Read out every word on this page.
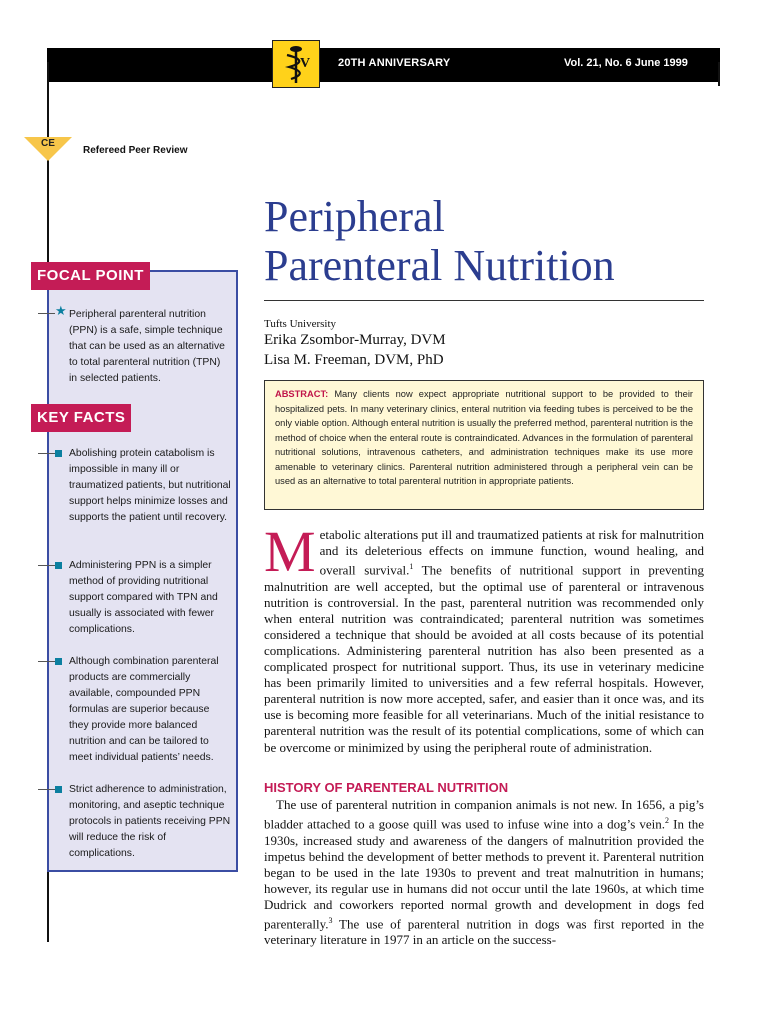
V	20TH ANNIVERSARY	Vol. 21, No. 6 June 1999
CE
Refereed Peer Review
Peripheral
Parenteral Nutrition
Tufts University
Erika Zsombor-Murray, DVM
Lisa M. Freeman, DVM, PhD
ABSTRACT: Many clients now expect appropriate nutritional support to be provided to their hospitalized pets. In many veterinary clinics, enteral nutrition via feeding tubes is perceived to be the only viable option. Although enteral nutrition is usually the preferred method, parenteral nutrition is the method of choice when the enteral route is contraindicated. Advances in the formulation of parenteral nutritional solutions, intravenous catheters, and administration techniques make its use more amenable to veterinary clinics. Parenteral nutrition administered through a peripheral vein can be used as an alternative to total parenteral nutrition in appropriate patients.
FOCAL POINT
★ Peripheral parenteral nutrition (PPN) is a safe, simple technique that can be used as an alternative to total parenteral nutrition (TPN) in selected patients.
KEY FACTS
Abolishing protein catabolism is impossible in many ill or traumatized patients, but nutritional support helps minimize losses and supports the patient until recovery.
Administering PPN is a simpler method of providing nutritional support compared with TPN and usually is associated with fewer complications.
Although combination parenteral products are commercially available, compounded PPN formulas are superior because they provide more balanced nutrition and can be tailored to meet individual patients’ needs.
Strict adherence to administration, monitoring, and aseptic technique protocols in patients receiving PPN will reduce the risk of complications.

Metabolic alterations put ill and traumatized patients at risk for malnutrition and its deleterious effects on immune function, wound healing, and overall survival.$^1$ The benefits of nutritional support in preventing malnutrition are well accepted, but the optimal use of parenteral or intravenous nutrition is controversial. In the past, parenteral nutrition was recommended only when enteral nutrition was contraindicated; parenteral nutrition was sometimes considered a technique that should be avoided at all costs because of its potential complications. Administering parenteral nutrition has also been presented as a complicated prospect for nutritional support. Thus, its use in veterinary medicine has been primarily limited to universities and a few referral hospitals. However, parenteral nutrition is now more accepted, safer, and easier than it once was, and its use is becoming more feasible for all veterinarians. Much of the initial resistance to parenteral nutrition was the result of its potential complications, some of which can be overcome or minimized by using the peripheral route of administration.

HISTORY OF PARENTERAL NUTRITION

The use of parenteral nutrition in companion animals is not new. In 1656, a pig’s bladder attached to a goose quill was used to infuse wine into a dog’s vein.$^2$ In the 1930s, increased study and awareness of the dangers of malnutrition provided the impetus behind the development of better methods to prevent it. Parenteral nutrition began to be used in the late 1930s to prevent and treat malnutrition in humans; however, its regular use in humans did not occur until the late 1960s, at which time Dudrick and coworkers reported normal growth and development in dogs fed parenterally.$^3$ The use of parenteral nutrition in dogs was first reported in the veterinary literature in 1977 in an article on the success-
